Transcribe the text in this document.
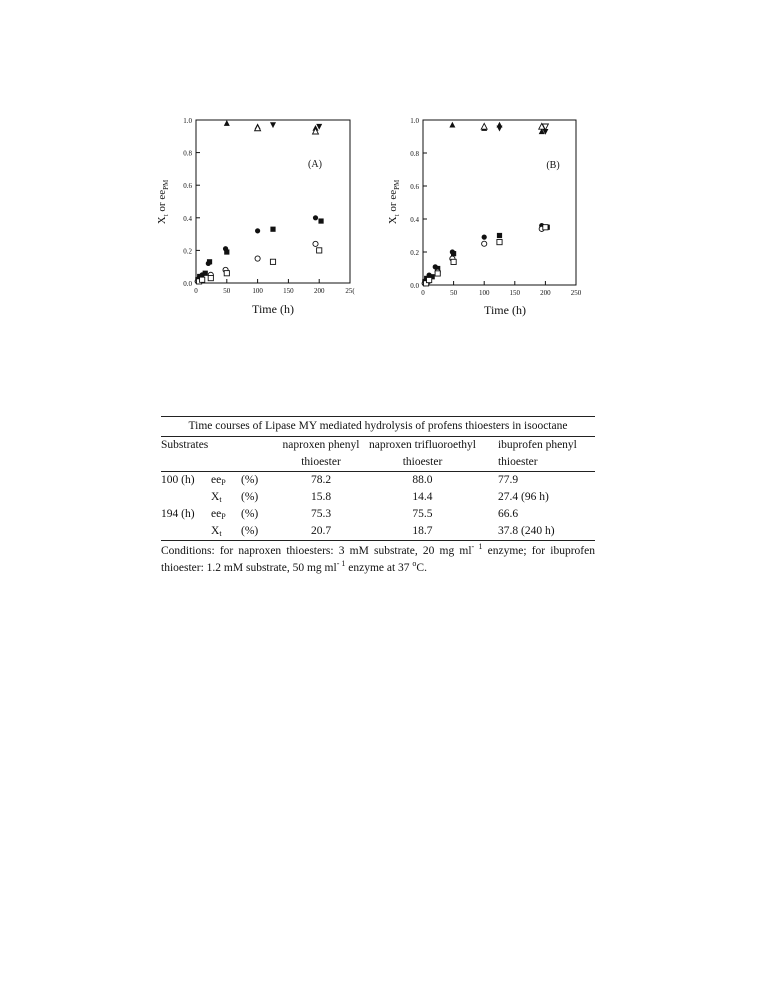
0.0
0.2
0.4
0.6
0.8
1.0
0	50	100	150	200	25(
(A)
Time (h)
$X_t$ or $ee_{PM}$
0.0
0.2
0.4
0.6
0.8
1.0
0	50	100	150	200	250
(B)
Time (h)
$X_t$ or $ee_{PM}$
Time courses of Lipase MY mediated hydrolysis of profens thioesters in isooctane
Substrates			naproxen phenyl	naproxen trifluoroethyl	ibuprofen phenyl
			thioester	thioester	thioester
100 (h)	$ee_P$	(%)	78.2	88.0	77.9
	$X_t$	(%)	15.8	14.4	27.4 (96 h)
194 (h)	$ee_P$	(%)	75.3	75.5	66.6
	$X_t$	(%)	20.7	18.7	37.8 (240 h)
Conditions: for naproxen thioesters: 3 mM substrate, 20 mg $ml^{- 1}$ enzyme; for ibuprofen thioester: 1.2 mM substrate, 50 mg $ml^{- 1}$ enzyme at 37 $^o$C.
